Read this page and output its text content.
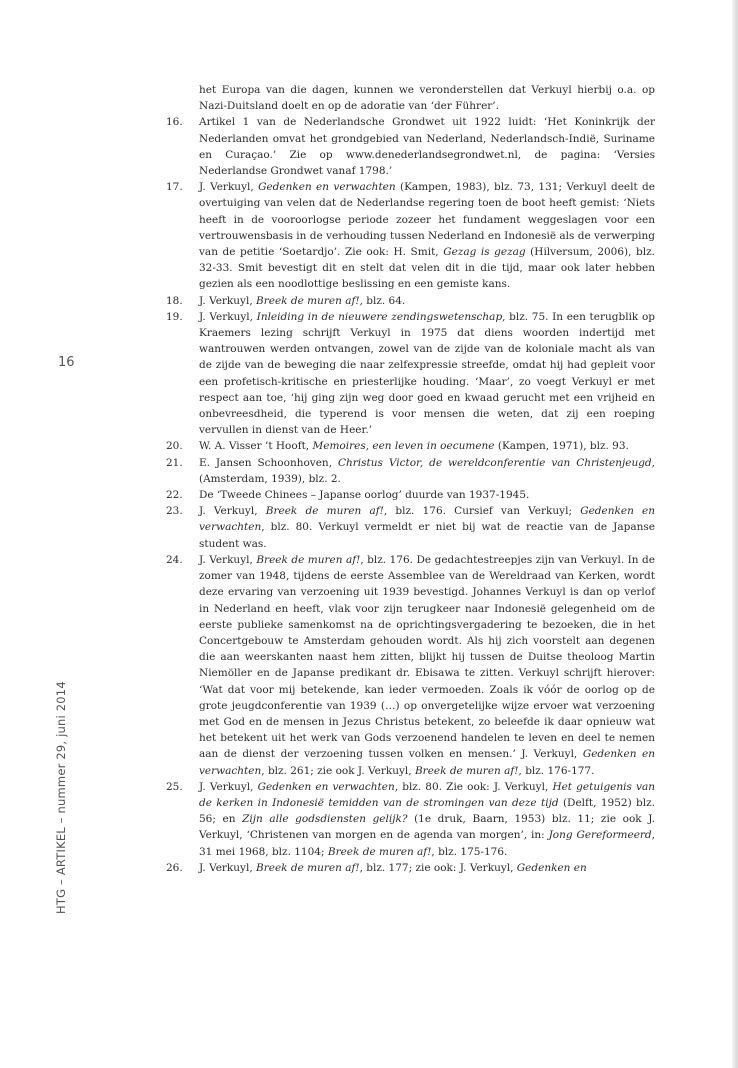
16
HTG – ARTIKEL – nummer 29, juni 2014
het Europa van die dagen, kunnen we veronderstellen dat Verkuyl hierbij o.a. op Nazi-Duitsland doelt en op de adoratie van ‘der Führer’.
16.	Artikel 1 van de Nederlandsche Grondwet uit 1922 luidt: ‘Het Koninkrijk der Nederlanden omvat het grondgebied van Nederland, Nederlandsch-Indië, Suriname en Curaçao.’ Zie op www.denederlandsegrondwet.nl, de pagina: ‘Versies Nederlandse Grondwet vanaf 1798.’
17.	J. Verkuyl, Gedenken en verwachten (Kampen, 1983), blz. 73, 131; Verkuyl deelt de overtuiging van velen dat de Nederlandse regering toen de boot heeft gemist: ‘Niets heeft in de vooroorlogse periode zozeer het fundament weggeslagen voor een vertrouwensbasis in de verhouding tussen Nederland en Indonesië als de verwerping van de petitie ‘Soetardjo’. Zie ook: H. Smit, Gezag is gezag (Hilversum, 2006), blz. 32-33. Smit bevestigt dit en stelt dat velen dit in die tijd, maar ook later hebben gezien als een noodlottige beslissing en een gemiste kans.
18.	J. Verkuyl, Breek de muren af!, blz. 64.
19.	J. Verkuyl, Inleiding in de nieuwere zendingswetenschap, blz. 75. In een terugblik op Kraemers lezing schrijft Verkuyl in 1975 dat diens woorden indertijd met wantrouwen werden ontvangen, zowel van de zijde van de koloniale macht als van de zijde van de beweging die naar zelfexpressie streefde, omdat hij had gepleit voor een profetisch-kritische en priesterlijke houding. ‘Maar’, zo voegt Verkuyl er met respect aan toe, ‘hij ging zijn weg door goed en kwaad gerucht met een vrijheid en onbevreesdheid, die typerend is voor mensen die weten, dat zij een roeping vervullen in dienst van de Heer.’
20.	W. A. Visser ’t Hooft, Memoires, een leven in oecumene (Kampen, 1971), blz. 93.
21.	E. Jansen Schoonhoven, Christus Victor, de wereldconferentie van Christenjeugd, (Amsterdam, 1939), blz. 2.
22.	De ‘Tweede Chinees – Japanse oorlog’ duurde van 1937-1945.
23.	J. Verkuyl, Breek de muren af!, blz. 176. Cursief van Verkuyl; Gedenken en verwachten, blz. 80. Verkuyl vermeldt er niet bij wat de reactie van de Japanse student was.
24.	J. Verkuyl, Breek de muren af!, blz. 176. De gedachtestreepjes zijn van Verkuyl. In de zomer van 1948, tijdens de eerste Assemblee van de Wereldraad van Kerken, wordt deze ervaring van verzoening uit 1939 bevestigd. Johannes Verkuyl is dan op verlof in Nederland en heeft, vlak voor zijn terugkeer naar Indonesië gelegenheid om de eerste publieke samenkomst na de oprichtingsvergadering te bezoeken, die in het Concertgebouw te Amsterdam gehouden wordt. Als hij zich voorstelt aan degenen die aan weerskanten naast hem zitten, blijkt hij tussen de Duitse theoloog Martin Niemöller en de Japanse predikant dr. Ebisawa te zitten. Verkuyl schrijft hierover: ‘Wat dat voor mij betekende, kan ieder vermoeden. Zoals ik vóór de oorlog op de grote jeugdconferentie van 1939 (…) op onvergetelijke wijze ervoer wat verzoening met God en de mensen in Jezus Christus betekent, zo beleefde ik daar opnieuw wat het betekent uit het werk van Gods verzoenend handelen te leven en deel te nemen aan de dienst der verzoening tussen volken en mensen.’ J. Verkuyl, Gedenken en verwachten, blz. 261; zie ook J. Verkuyl, Breek de muren af!, blz. 176-177.
25.	J. Verkuyl, Gedenken en verwachten, blz. 80. Zie ook: J. Verkuyl, Het getuigenis van de kerken in Indonesië temidden van de stromingen van deze tijd (Delft, 1952) blz. 56; en Zijn alle godsdiensten gelijk? (1e druk, Baarn, 1953) blz. 11; zie ook J. Verkuyl, ‘Christenen van morgen en de agenda van morgen’, in: Jong Gereformeerd, 31 mei 1968, blz. 1104; Breek de muren af!, blz. 175-176.
26.	J. Verkuyl, Breek de muren af!, blz. 177; zie ook: J. Verkuyl, Gedenken en
